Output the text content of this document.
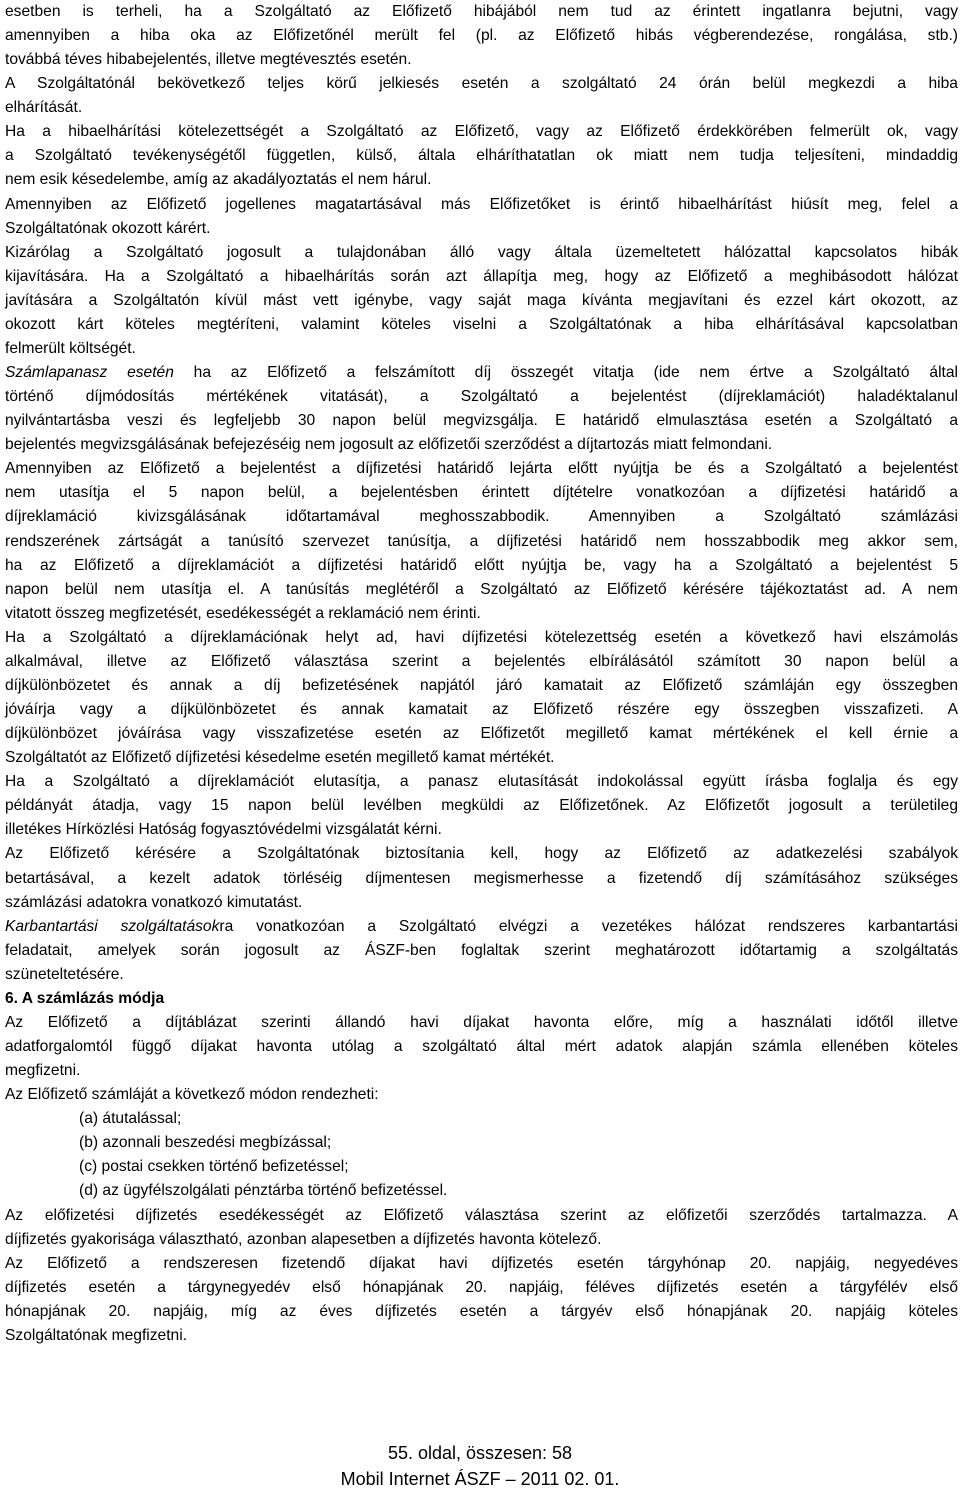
esetben is terheli, ha a Szolgáltató az Előfizető hibájából nem tud az érintett ingatlanra bejutni, vagy
amennyiben a hiba oka az Előfizetőnél merült fel (pl. az Előfizető hibás végberendezése, rongálása, stb.)
továbbá téves hibabejelentés, illetve megtévesztés esetén.
A Szolgáltatónál bekövetkező teljes körű jelkiesés esetén a szolgáltató 24 órán belül megkezdi a hiba
elhárítását.
Ha a hibaelhárítási kötelezettségét a Szolgáltató az Előfizető, vagy az Előfizető érdekkörében felmerült ok, vagy
a Szolgáltató tevékenységétől független, külső, általa elháríthatatlan ok miatt nem tudja teljesíteni, mindaddig
nem esik késedelembe, amíg az akadályoztatás el nem hárul.
Amennyiben az Előfizető jogellenes magatartásával más Előfizetőket is érintő hibaelhárítást hiúsít meg, felel a
Szolgáltatónak okozott kárért.
Kizárólag a Szolgáltató jogosult a tulajdonában álló vagy általa üzemeltetett hálózattal kapcsolatos hibák
kijavítására. Ha a Szolgáltató a hibaelhárítás során azt állapítja meg, hogy az Előfizető a meghibásodott hálózat
javítására a Szolgáltatón kívül mást vett igénybe, vagy saját maga kívánta megjavítani és ezzel kárt okozott, az
okozott kárt köteles megtéríteni, valamint köteles viselni a Szolgáltatónak a hiba elhárításával kapcsolatban
felmerült költségét.
Számlapanasz esetén ha az Előfizető a felszámított díj összegét vitatja (ide nem értve a Szolgáltató által
történő díjmódosítás mértékének vitatását), a Szolgáltató a bejelentést (díjreklamációt) haladéktalanul
nyilvántartásba veszi és legfeljebb 30 napon belül megvizsgálja. E határidő elmulasztása esetén a Szolgáltató a
bejelentés megvizsgálásának befejezéséig nem jogosult az előfizetői szerződést a díjtartozás miatt felmondani.
Amennyiben az Előfizető a bejelentést a díjfizetési határidő lejárta előtt nyújtja be és a Szolgáltató a bejelentést
nem utasítja el 5 napon belül, a bejelentésben érintett díjtételre vonatkozóan a díjfizetési határidő a
díjreklamáció kivizsgálásának időtartamával meghosszabbodik. Amennyiben a Szolgáltató számlázási
rendszerének zártságát a tanúsító szervezet tanúsítja, a díjfizetési határidő nem hosszabbodik meg akkor sem,
ha az Előfizető a díjreklamációt a díjfizetési határidő előtt nyújtja be, vagy ha a Szolgáltató a bejelentést 5
napon belül nem utasítja el. A tanúsítás meglétéről a Szolgáltató az Előfizető kérésére tájékoztatást ad. A nem
vitatott összeg megfizetését, esedékességét a reklamáció nem érinti.
Ha a Szolgáltató a díjreklamációnak helyt ad, havi díjfizetési kötelezettség esetén a következő havi elszámolás
alkalmával, illetve az Előfizető választása szerint a bejelentés elbírálásától számított 30 napon belül a
díjkülönbözetet és annak a díj befizetésének napjától járó kamatait az Előfizető számláján egy összegben
jóváírja vagy a díjkülönbözetet és annak kamatait az Előfizető részére egy összegben visszafizeti. A
díjkülönbözet jóváírása vagy visszafizetése esetén az Előfizetőt megillető kamat mértékének el kell érnie a
Szolgáltatót az Előfizető díjfizetési késedelme esetén megillető kamat mértékét.
Ha a Szolgáltató a díjreklamációt elutasítja, a panasz elutasítását indokolással együtt írásba foglalja és egy
példányát átadja, vagy 15 napon belül levélben megküldi az Előfizetőnek. Az Előfizetőt jogosult a területileg
illetékes Hírközlési Hatóság fogyasztóvédelmi vizsgálatát kérni.
Az Előfizető kérésére a Szolgáltatónak biztosítania kell, hogy az Előfizető az adatkezelési szabályok
betartásával, a kezelt adatok törléséig díjmentesen megismerhesse a fizetendő díj számításához szükséges
számlázási adatokra vonatkozó kimutatást.
Karbantartási szolgáltatásokra vonatkozóan a Szolgáltató elvégzi a vezetékes hálózat rendszeres karbantartási
feladatait, amelyek során jogosult az ÁSZF-ben foglaltak szerint meghatározott időtartamig a szolgáltatás
szüneteltetésére.
6. A számlázás módja
Az Előfizető a díjtáblázat szerinti állandó havi díjakat havonta előre, míg a használati időtől illetve
adatforgalomtól függő díjakat havonta utólag a szolgáltató által mért adatok alapján számla ellenében köteles
megfizetni.
Az Előfizető számláját a következő módon rendezheti:
(a) átutalással;
(b) azonnali beszedési megbízással;
(c) postai csekken történő befizetéssel;
(d) az ügyfélszolgálati pénztárba történő befizetéssel.
Az előfizetési díjfizetés esedékességét az Előfizető választása szerint az előfizetői szerződés tartalmazza. A
díjfizetés gyakorisága választható, azonban alapesetben a díjfizetés havonta kötelező.
Az Előfizető a rendszeresen fizetendő díjakat havi díjfizetés esetén tárgyhónap 20. napjáig, negyedéves
díjfizetés esetén a tárgynegyedév első hónapjának 20. napjáig, féléves díjfizetés esetén a tárgyfélév első
hónapjának 20. napjáig, míg az éves díjfizetés esetén a tárgyév első hónapjának 20. napjáig köteles
Szolgáltatónak megfizetni.
55. oldal, összesen: 58
Mobil Internet ÁSZF – 2011 02. 01.
